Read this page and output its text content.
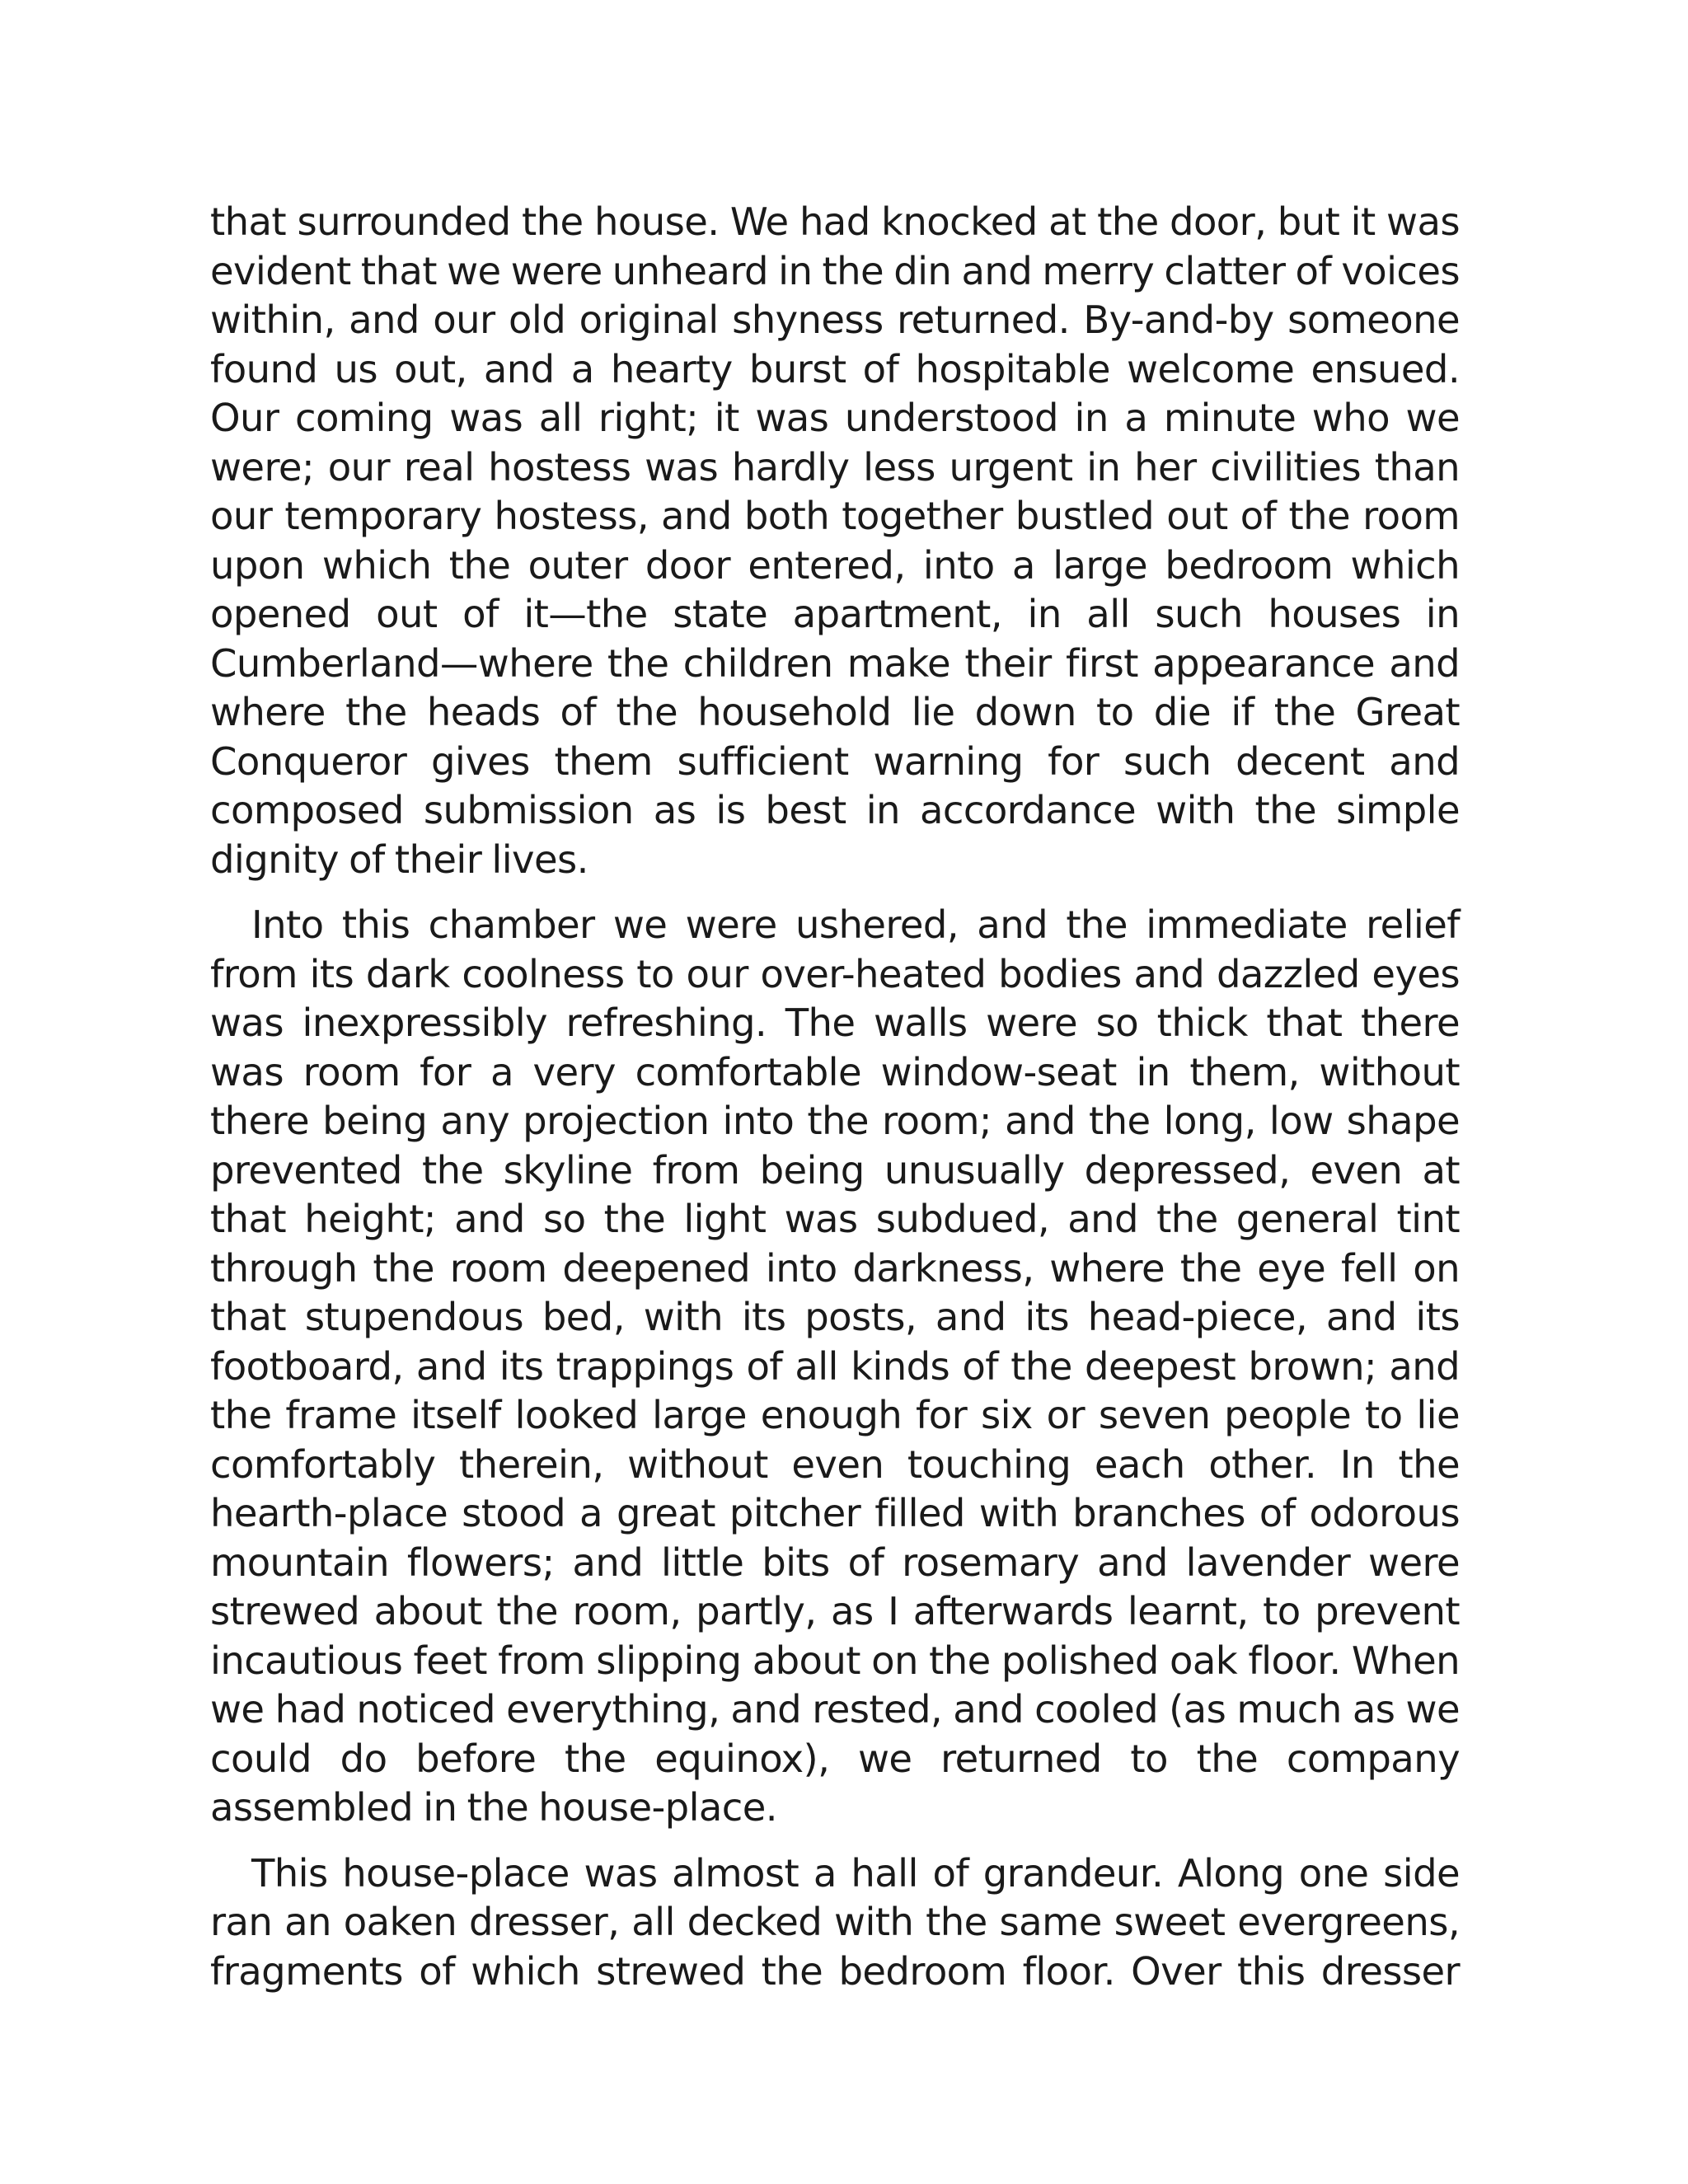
that surrounded the house. We had knocked at the door, but it was evident that we were unheard in the din and merry clatter of voices within, and our old original shyness returned. By-and-by someone found us out, and a hearty burst of hospitable welcome ensued. Our coming was all right; it was understood in a minute who we were; our real hostess was hardly less urgent in her civilities than our temporary hostess, and both together bustled out of the room upon which the outer door entered, into a large bedroom which opened out of it—the state apartment, in all such houses in Cumberland—where the children make their first appearance and where the heads of the household lie down to die if the Great Conqueror gives them sufficient warning for such decent and composed submission as is best in accordance with the simple dignity of their lives.

Into this chamber we were ushered, and the immediate relief from its dark coolness to our over-heated bodies and dazzled eyes was inexpressibly refreshing. The walls were so thick that there was room for a very comfortable window-seat in them, without there being any projection into the room; and the long, low shape prevented the skyline from being unusually depressed, even at that height; and so the light was subdued, and the general tint through the room deepened into darkness, where the eye fell on that stupendous bed, with its posts, and its head-piece, and its footboard, and its trappings of all kinds of the deepest brown; and the frame itself looked large enough for six or seven people to lie comfortably therein, without even touching each other. In the hearth-place stood a great pitcher filled with branches of odorous mountain flowers; and little bits of rosemary and lavender were strewed about the room, partly, as I afterwards learnt, to prevent incautious feet from slipping about on the polished oak floor. When we had noticed everything, and rested, and cooled (as much as we could do before the equinox), we returned to the company assembled in the house-place.

This house-place was almost a hall of grandeur. Along one side ran an oaken dresser, all decked with the same sweet evergreens, fragments of which strewed the bedroom floor. Over this dresser
